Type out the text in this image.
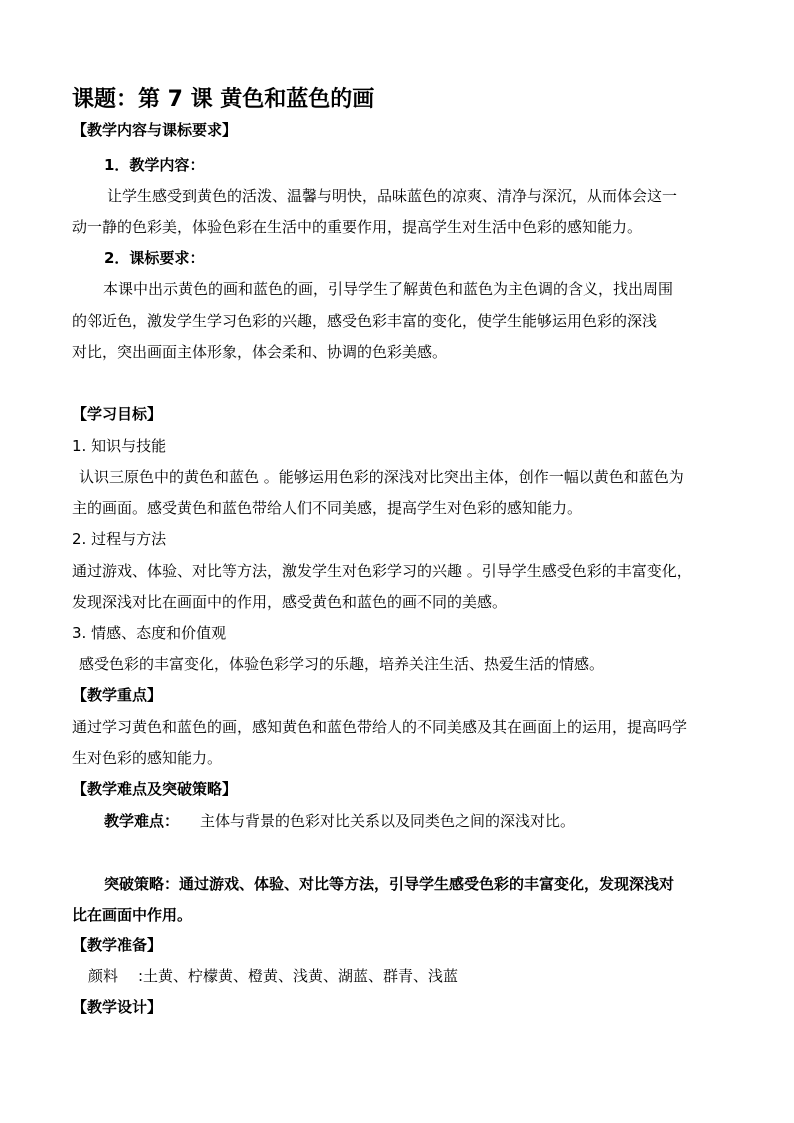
课题：第 7 课 黄色和蓝色的画
【教学内容与课标要求】
1．教学内容：
让学生感受到黄色的活泼、温馨与明快，品味蓝色的凉爽、清净与深沉，从而体会这一
动一静的色彩美，体验色彩在生活中的重要作用，提高学生对生活中色彩的感知能力。
2．课标要求：
本课中出示黄色的画和蓝色的画，引导学生了解黄色和蓝色为主色调的含义，找出周围
的邻近色，激发学生学习色彩的兴趣，感受色彩丰富的变化，使学生能够运用色彩的深浅
对比，突出画面主体形象，体会柔和、协调的色彩美感。
【学习目标】
1. 知识与技能
认识三原色中的黄色和蓝色 。能够运用色彩的深浅对比突出主体，创作一幅以黄色和蓝色为
主的画面。感受黄色和蓝色带给人们不同美感，提高学生对色彩的感知能力。
2. 过程与方法
通过游戏、体验、对比等方法，激发学生对色彩学习的兴趣 。引导学生感受色彩的丰富变化，
发现深浅对比在画面中的作用，感受黄色和蓝色的画不同的美感。
3. 情感、态度和价值观
感受色彩的丰富变化，体验色彩学习的乐趣，培养关注生活、热爱生活的情感。
【教学重点】
通过学习黄色和蓝色的画，感知黄色和蓝色带给人的不同美感及其在画面上的运用，提高吗学
生对色彩的感知能力。
【教学难点及突破策略】
教学难点： 主体与背景的色彩对比关系以及同类色之间的深浅对比。
突破策略：通过游戏、体验、对比等方法，引导学生感受色彩的丰富变化，发现深浅对
比在画面中作用。
【教学准备】
颜料 :土黄、柠檬黄、橙黄、浅黄、湖蓝、群青、浅蓝
【教学设计】
